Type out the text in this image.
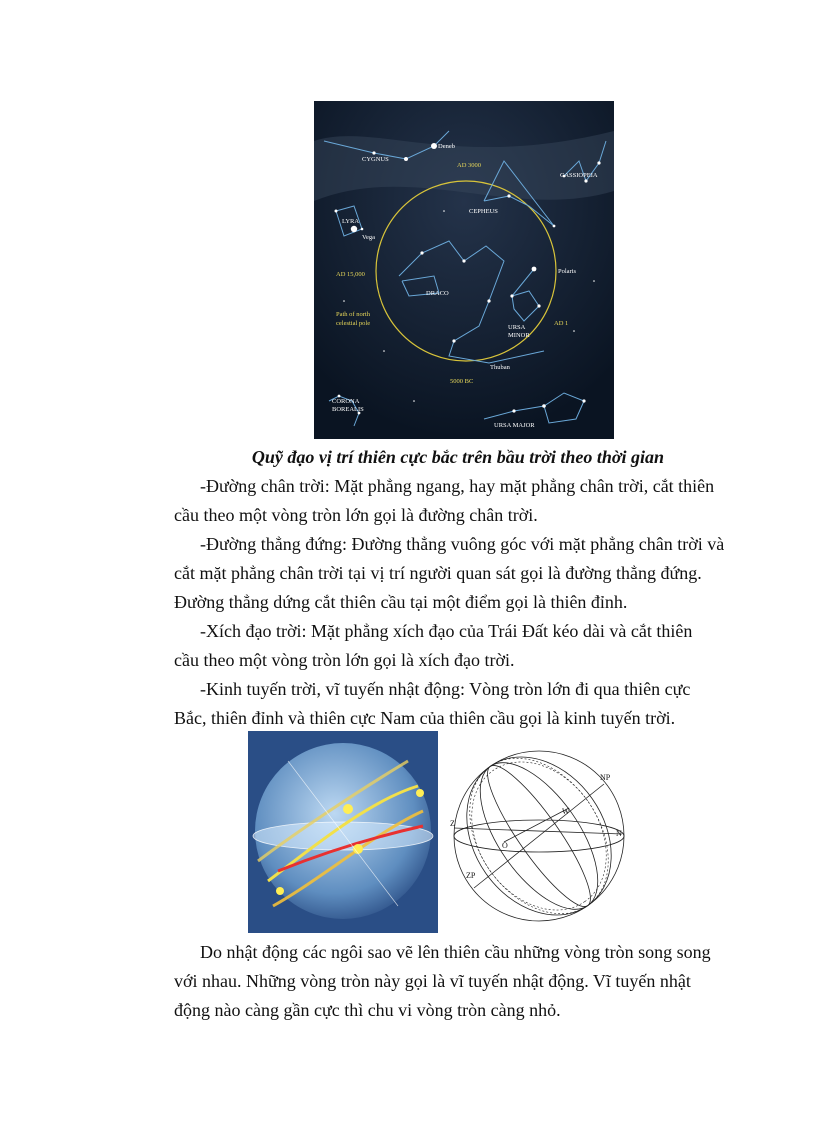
CYGNUS
Deneb
CASSIOPEIA
AD 3000
CEPHEUS
LYRA
Vega
AD 15,000	Polaris
DRACO
Path of north
celestial pole
URSA
MINOR
AD 1
Thuban
5000 BC
CORONA
BOREALIS
URSA MAJOR
Quỹ đạo vị trí thiên cực bắc trên bầu trời theo thời gian

-Đường chân trời: Mặt phẳng ngang, hay mặt phẳng chân trời, cắt thiên
cầu theo một vòng tròn lớn gọi là đường chân trời.

-Đường thẳng đứng: Đường thẳng vuông góc với mặt phẳng chân trời và
cắt mặt phẳng chân trời tại vị trí người quan sát gọi là đường thẳng đứng.
Đường thẳng dứng cắt thiên cầu tại một điểm gọi là thiên đỉnh.

-Xích đạo trời: Mặt phẳng xích đạo của Trái Đất kéo dài và cắt thiên
cầu theo một vòng tròn lớn gọi là xích đạo trời.

-Kinh tuyến trời, vĩ tuyến nhật động: Vòng tròn lớn đi qua thiên cực
Bắc, thiên đỉnh và thiên cực Nam của thiên cầu gọi là kinh tuyến trời.

NP
Z
W
O
N
ZP

Do nhật động các ngôi sao vẽ lên thiên cầu những vòng tròn song song
với nhau. Những vòng tròn này gọi là vĩ tuyến nhật động. Vĩ tuyến nhật
động nào càng gần cực thì chu vi vòng tròn càng nhỏ.
